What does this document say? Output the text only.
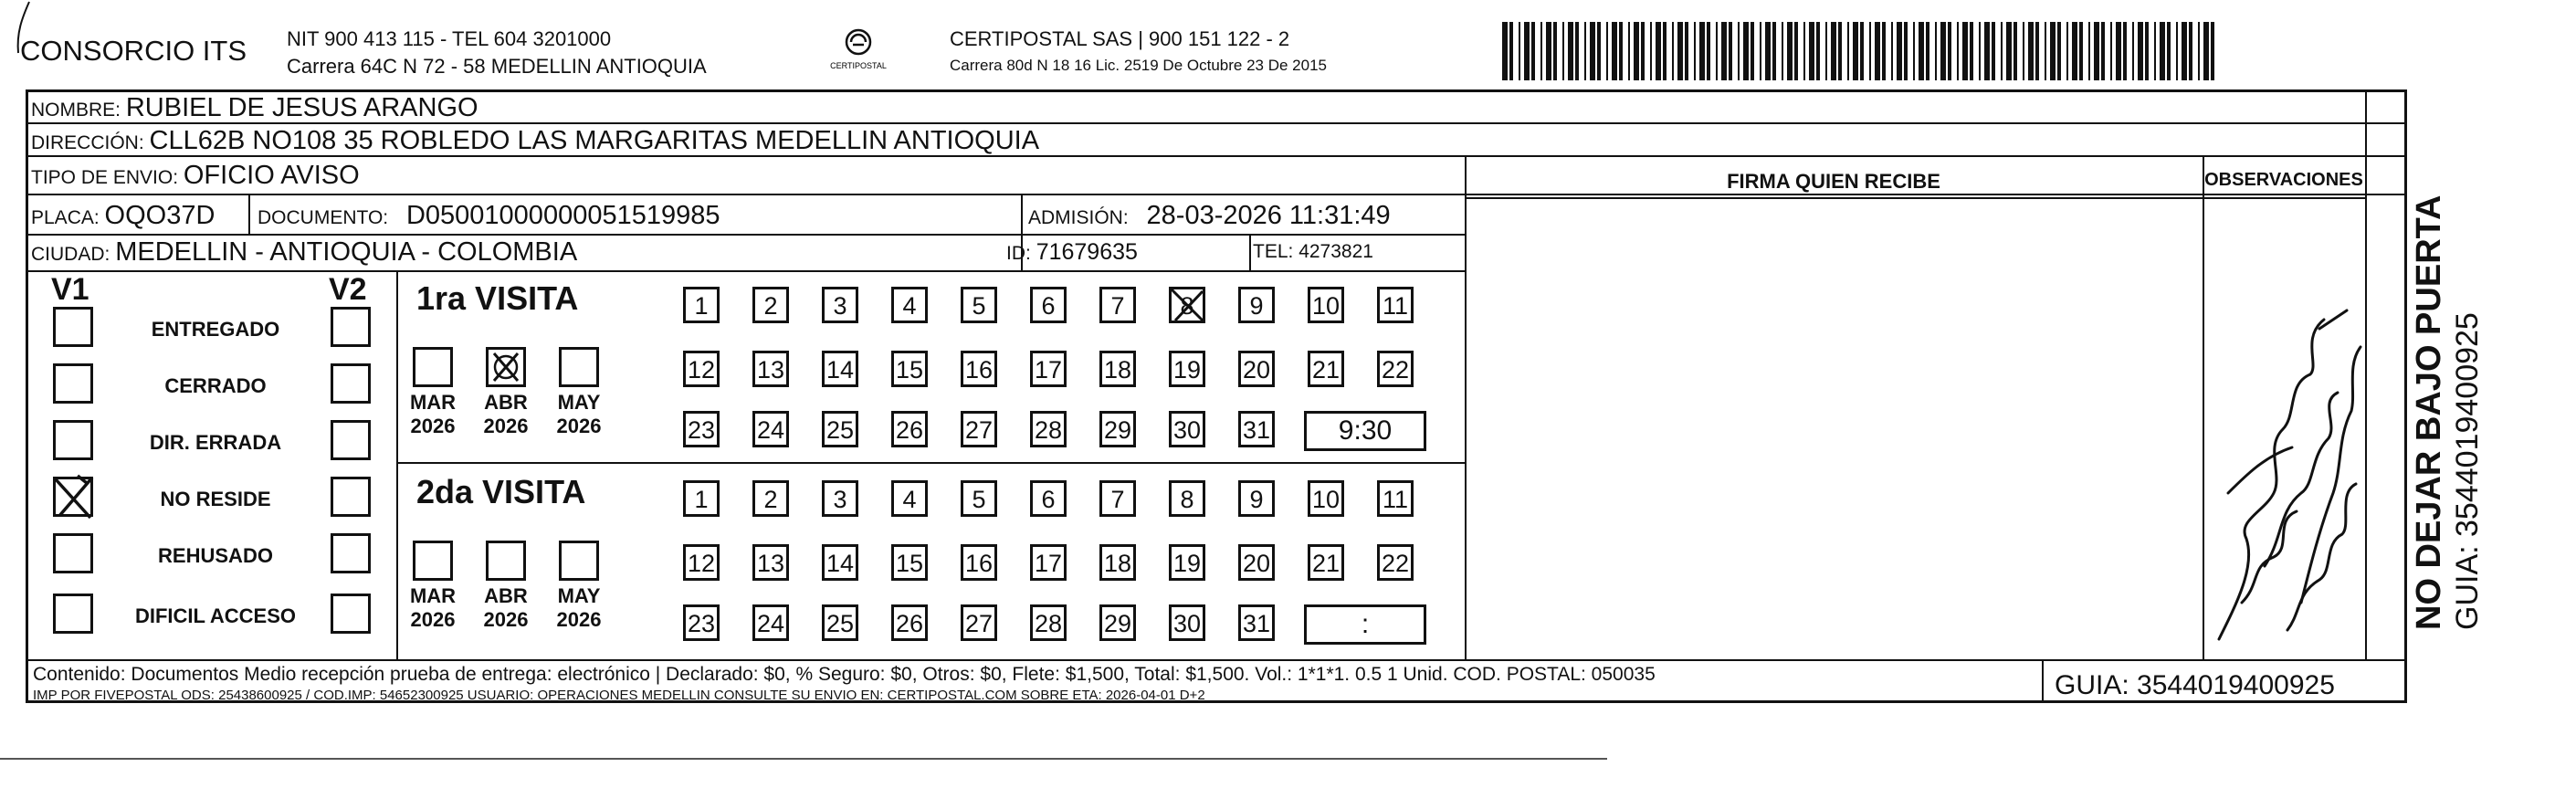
CONSORCIO ITS NIT 900 413 115 - TEL 604 3201000
Carrera 64C N 72 - 58 MEDELLIN ANTIOQUIA	CERTIPOSTAL
CERTIPOSTAL SAS | 900 151 122 - 2
Carrera 80d N 18 16 Lic. 2519 De Octubre 23 De 2015
NOMBRE: RUBIEL DE JESUS ARANGO
DIRECCIÓN: CLL62B NO108 35 ROBLEDO LAS MARGARITAS MEDELLIN ANTIOQUIA
TIPO DE ENVIO: OFICIO AVISO
PLACA: OQO37D DOCUMENTO: D05001000000051519985	ADMISIÓN: 28-03-2026 11:31:49
CIUDAD: MEDELLIN - ANTIOQUIA - COLOMBIA	ID: 71679635	TEL: 4273821
FIRMA QUIEN RECIBE	OBSERVACIONES
V1	V2
ENTREGADO
CERRADO
DIR. ERRADA
NO RESIDE
REHUSADO
DIFICIL ACCESO
1ra VISITA
MAR
2026
ABR
2026
MAY
2026
1	2	3	4	5	6	7	8	9	10 11
12 13 14 15 16 17 18 19 20 21 22
23 24 25 26 27 28 29 30 31	9:30
2da VISITA
MAR
2026
ABR
2026
MAY
2026
1	2	3	4	5	6	7	8	9	10 11
12 13 14 15 16 17 18 19 20 21 22
23 24 25 26 27 28 29 30 31	:	NO DEJAR BAJO PUERTA GUIA: 3544019400925
Contenido: Documentos Medio recepción prueba de entrega: electrónico | Declarado: $0, % Seguro: $0, Otros: $0, Flete: $1,500, Total: $1,500. Vol.: 1*1*1. 0.5 1 Unid. COD. POSTAL: 050035
IMP POR FIVEPOSTAL ODS: 25438600925 / COD.IMP: 54652300925 USUARIO: OPERACIONES MEDELLIN CONSULTE SU ENVIO EN: CERTIPOSTAL.COM SOBRE ETA: 2026-04-01 D+2	GUIA: 3544019400925
